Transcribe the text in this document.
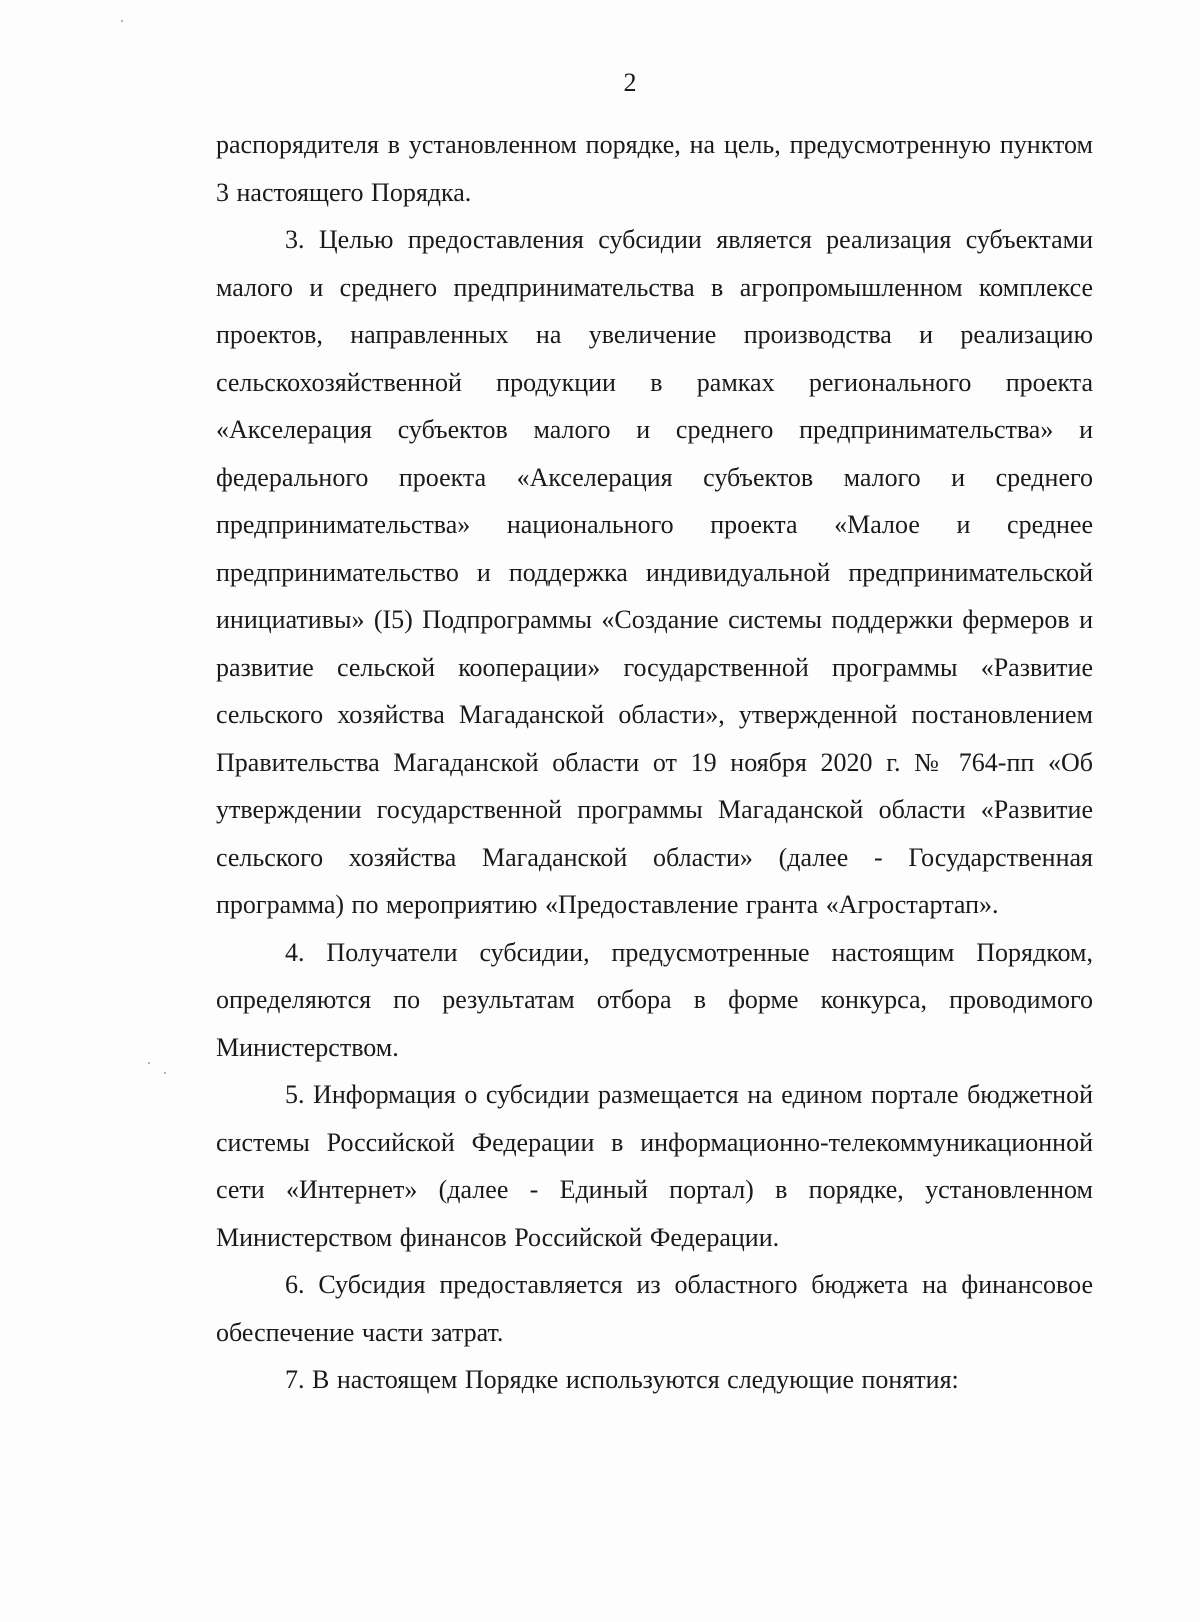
2

распорядителя в установленном порядке, на цель, предусмотренную пунктом 3 настоящего Порядка.

3. Целью предоставления субсидии является реализация субъектами малого и среднего предпринимательства в агропромышленном комплексе проектов, направленных на увеличение производства и реализацию сельскохозяйственной продукции в рамках регионального проекта «Акселерация субъектов малого и среднего предпринимательства» и федерального проекта «Акселерация субъектов малого и среднего предпринимательства» национального проекта «Малое и среднее предпринимательство и поддержка индивидуальной предпринимательской инициативы» (I5) Подпрограммы «Создание системы поддержки фермеров и развитие сельской кооперации» государственной программы «Развитие сельского хозяйства Магаданской области», утвержденной постановлением Правительства Магаданской области от 19 ноября 2020 г. № 764-пп «Об утверждении государственной программы Магаданской области «Развитие сельского хозяйства Магаданской области» (далее - Государственная программа) по мероприятию «Предоставление гранта «Агростартап».

4. Получатели субсидии, предусмотренные настоящим Порядком, определяются по результатам отбора в форме конкурса, проводимого Министерством.

5. Информация о субсидии размещается на едином портале бюджетной системы Российской Федерации в информационно-телекоммуникационной сети «Интернет» (далее - Единый портал) в порядке, установленном Министерством финансов Российской Федерации.

6. Субсидия предоставляется из областного бюджета на финансовое обеспечение части затрат.

7. В настоящем Порядке используются следующие понятия:
